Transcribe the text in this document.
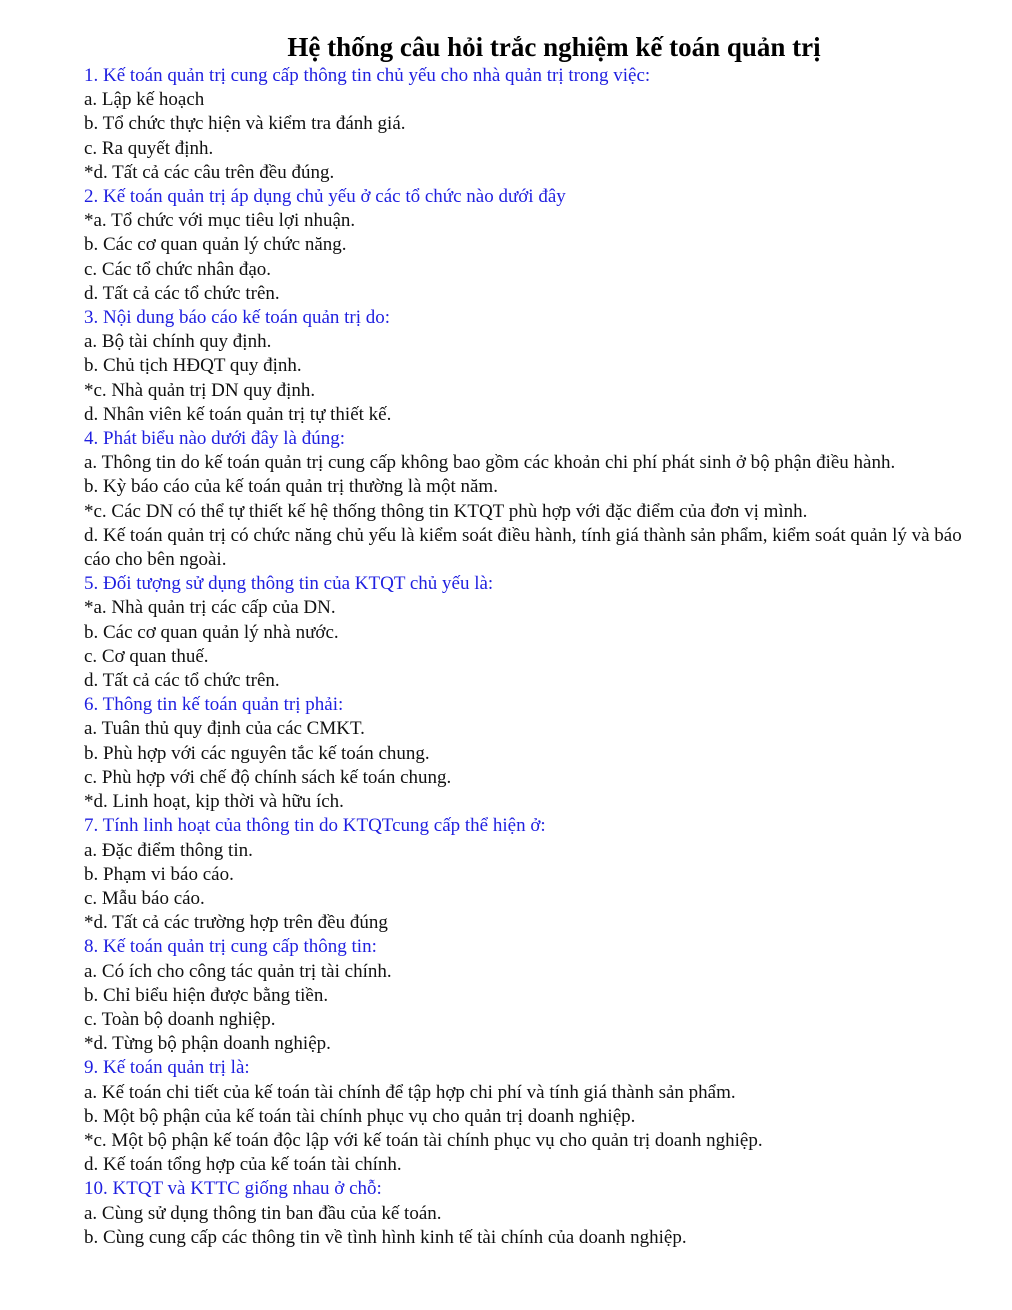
Hệ thống câu hỏi trắc nghiệm kế toán quản trị
1. Kế toán quản trị cung cấp thông tin chủ yếu cho nhà quản trị trong việc:
a. Lập kế hoạch
b. Tổ chức thực hiện và kiểm tra đánh giá.
c. Ra quyết định.
*d. Tất cả các câu trên đều đúng.
2. Kế toán quản trị áp dụng chủ yếu ở các tổ chức nào dưới đây
*a. Tổ chức với mục tiêu lợi nhuận.
b. Các cơ quan quản lý chức năng.
c. Các tổ chức nhân đạo.
d. Tất cả các tổ chức trên.
3. Nội dung báo cáo kế toán quản trị do:
a. Bộ tài chính quy định.
b. Chủ tịch HĐQT quy định.
*c. Nhà quản trị DN quy định.
d. Nhân viên kế toán quản trị tự thiết kế.
4. Phát biểu nào dưới đây là đúng:
a. Thông tin do kế toán quản trị cung cấp không bao gồm các khoản chi phí phát sinh ở bộ phận điều hành.
b. Kỳ báo cáo của kế toán quản trị thường là một năm.
*c. Các DN có thể tự thiết kế hệ thống thông tin KTQT phù hợp với đặc điểm của đơn vị mình.
d. Kế toán quản trị có chức năng chủ yếu là kiểm soát điều hành, tính giá thành sản phẩm, kiểm soát quản lý và báo cáo cho bên ngoài.
5. Đối tượng sử dụng thông tin của KTQT chủ yếu là:
*a. Nhà quản trị các cấp của DN.
b. Các cơ quan quản lý nhà nước.
c. Cơ quan thuế.
d. Tất cả các tổ chức trên.
6. Thông tin kế toán quản trị phải:
a. Tuân thủ quy định của các CMKT.
b. Phù hợp với các nguyên tắc kế toán chung.
c. Phù hợp với chế độ chính sách kế toán chung.
*d. Linh hoạt, kịp thời và hữu ích.
7. Tính linh hoạt của thông tin do KTQTcung cấp thể hiện ở:
a. Đặc điểm thông tin.
b. Phạm vi báo cáo.
c. Mẫu báo cáo.
*d. Tất cả các trường hợp trên đều đúng
8. Kế toán quản trị cung cấp thông tin:
a. Có ích cho công tác quản trị tài chính.
b. Chỉ biểu hiện được bằng tiền.
c. Toàn bộ doanh nghiệp.
*d. Từng bộ phận doanh nghiệp.
9. Kế toán quản trị là:
a. Kế toán chi tiết của kế toán tài chính để tập hợp chi phí và tính giá thành sản phẩm.
b. Một bộ phận của kế toán tài chính phục vụ cho quản trị doanh nghiệp.
*c. Một bộ phận kế toán độc lập với kế toán tài chính phục vụ cho quản trị doanh nghiệp.
d. Kế toán tổng hợp của kế toán tài chính.
10. KTQT và KTTC giống nhau ở chỗ:
a. Cùng sử dụng thông tin ban đầu của kế toán.
b. Cùng cung cấp các thông tin về tình hình kinh tế tài chính của doanh nghiệp.
